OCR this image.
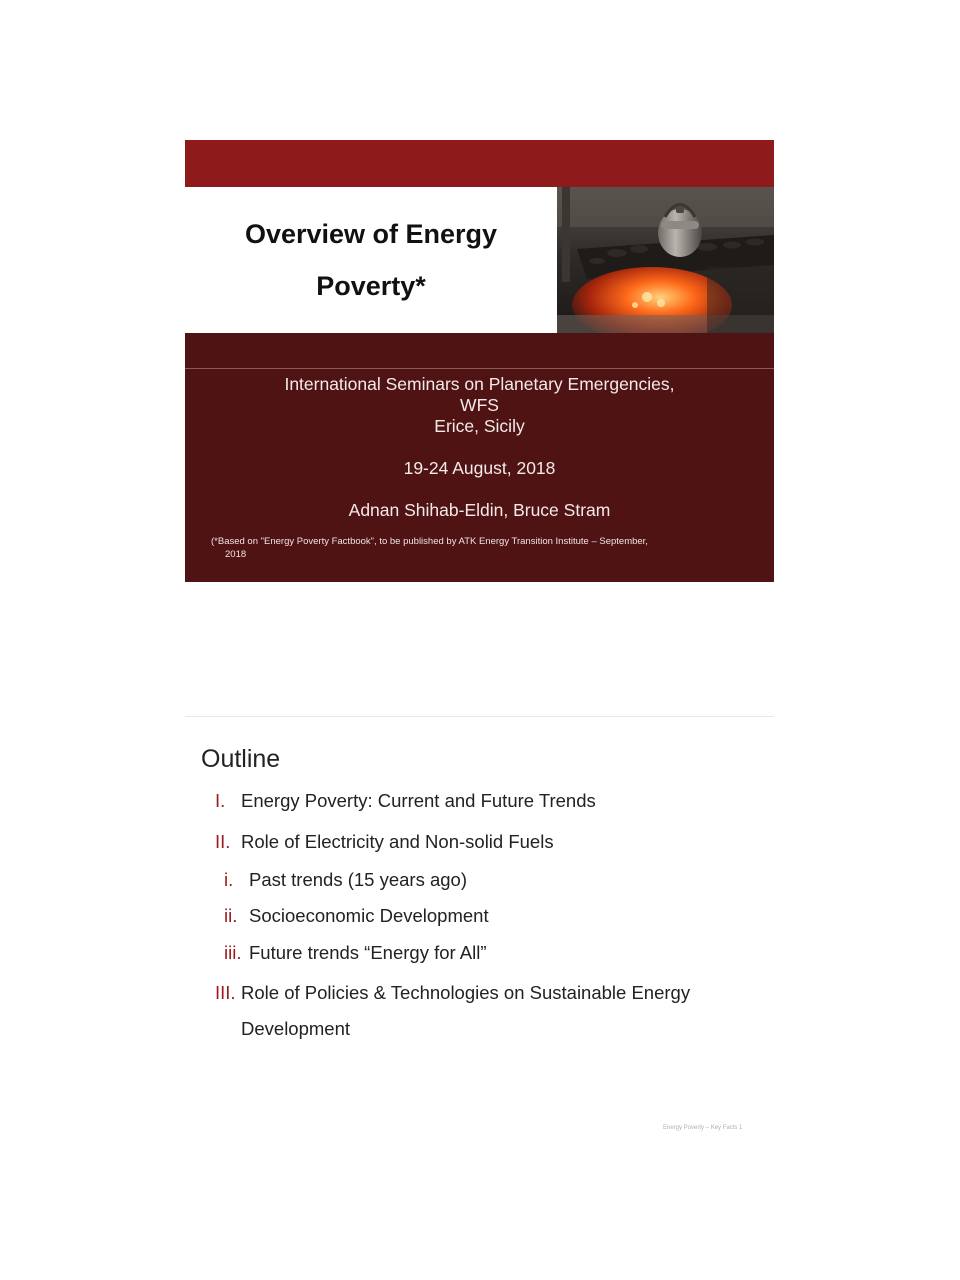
Overview of Energy

Poverty*

International Seminars on Planetary Emergencies,

WFS

Erice, Sicily

19-24 August, 2018

Adnan Shihab-Eldin, Bruce Stram

(*Based on "Energy Poverty Factbook", to be published by ATK Energy Transition Institute – September,
2018
Outline
I. Energy Poverty: Current and Future Trends
II. Role of Electricity and Non-solid Fuels
i. Past trends (15 years ago)
ii. Socioeconomic Development
iii. Future trends “Energy for All”
III. Role of Policies & Technologies on Sustainable Energy
Development
Energy Poverty – Key Facts 1
